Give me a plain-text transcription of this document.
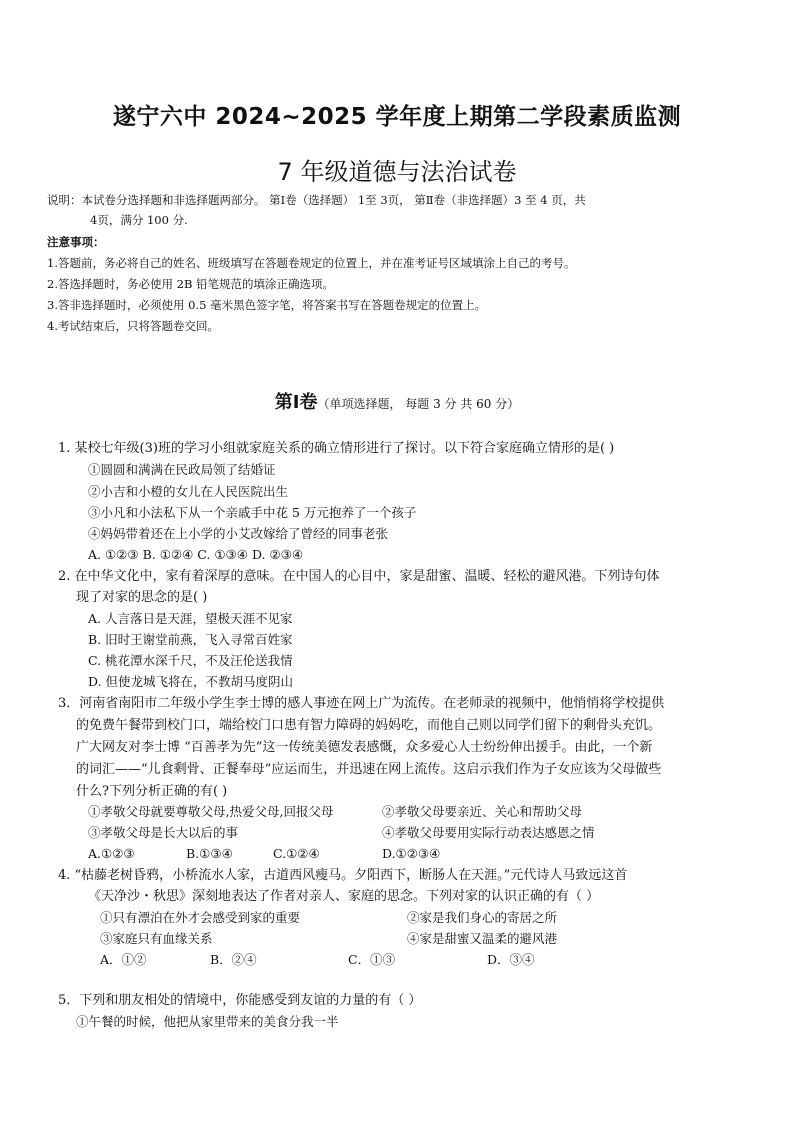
遂宁六中 2024~2025 学年度上期第二学段素质监测
7 年级道德与法治试卷
说明：本试卷分选择题和非选择题两部分。 第Ⅰ卷（选择题） 1至 3页， 第Ⅱ卷（非选择题）3 至 4 页，共
4页，满分 100 分.
注意事项：
1.答题前，务必将自己的姓名、班级填写在答题卷规定的位置上，并在准考证号区域填涂上自己的考号。
2.答选择题时，务必使用 2B 铅笔规范的填涂正确选项。
3.答非选择题时，必须使用 0.5 毫米黑色签字笔，将答案书写在答题卷规定的位置上。
4.考试结束后，只将答题卷交回。
第Ⅰ卷（单项选择题， 每题 3 分 共 60 分）
1. 某校七年级(3)班的学习小组就家庭关系的确立情形进行了探讨。以下符合家庭确立情形的是( )
①圆圆和满满在民政局领了结婚证
②小吉和小橙的女儿在人民医院出生
③小凡和小法私下从一个亲戚手中花 5 万元抱养了一个孩子
④妈妈带着还在上小学的小艾改嫁给了曾经的同事老张
A. ①②③ B. ①②④ C. ①③④ D. ②③④
2. 在中华文化中，家有着深厚的意味。在中国人的心目中，家是甜蜜、温暖、轻松的避风港。下列诗句体
现了对家的思念的是( )
A. 人言落日是天涯，望极天涯不见家
B. 旧时王谢堂前燕，飞入寻常百姓家
C. 桃花潭水深千尺，不及汪伦送我情
D. 但使龙城飞将在，不教胡马度阴山
3．河南省南阳市二年级小学生李士博的感人事迹在网上广为流传。在老师录的视频中，他悄悄将学校提供
的免费午餐带到校门口，端给校门口患有智力障碍的妈妈吃，而他自己则以同学们留下的剩骨头充饥。
广大网友对李士博 “百善孝为先”这一传统美德发表感慨，众多爱心人士纷纷伸出援手。由此，一个新
的词汇——“儿食剩骨、正餐奉母”应运而生，并迅速在网上流传。这启示我们作为子女应该为父母做些
什么?下列分析正确的有( )
①孝敬父母就要尊敬父母,热爱父母,回报父母	②孝敬父母要亲近、关心和帮助父母
③孝敬父母是长大以后的事	④孝敬父母要用实际行动表达感恩之情
A.①②③	B.①③④	C.①②④	D.①②③④
4. “枯藤老树昏鸦，小桥流水人家，古道西风瘦马。夕阳西下，断肠人在天涯。”元代诗人马致远这首
《天净沙・秋思》深刻地表达了作者对亲人、家庭的思念。下列对家的认识正确的有（ ）
①只有漂泊在外才会感受到家的重要	②家是我们身心的寄居之所
③家庭只有血缘关系	④家是甜蜜又温柔的避风港
A．①②	B．②④	C．①③	D．③④
5．下列和朋友相处的情境中，你能感受到友谊的力量的有（ ）
①午餐的时候，他把从家里带来的美食分我一半
